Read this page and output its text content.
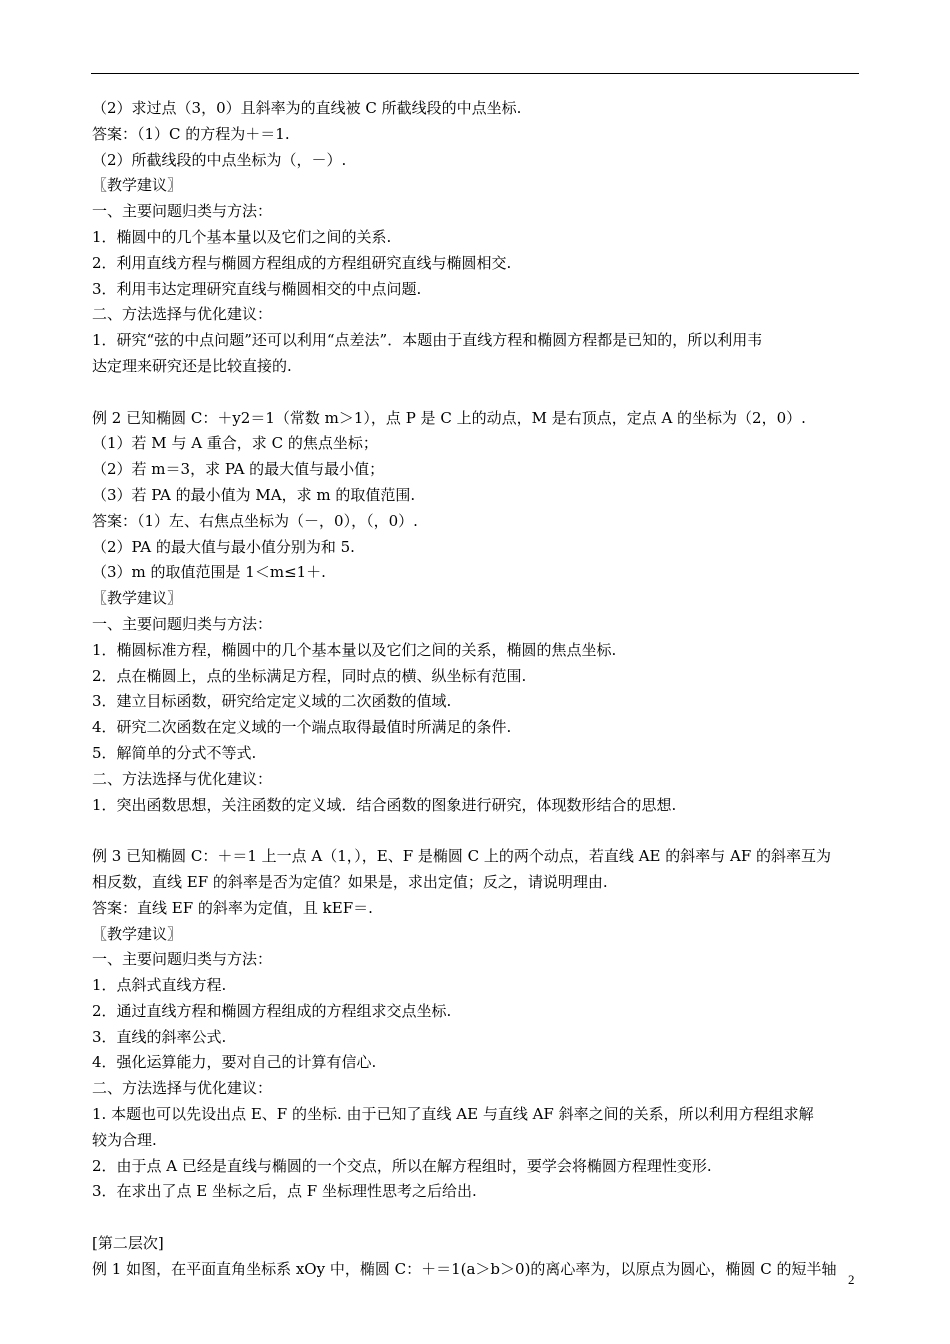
（2）求过点（3，0）且斜率为的直线被 C 所截线段的中点坐标.
答案：（1）C 的方程为＋＝1.
（2）所截线段的中点坐标为（，－）.
〖教学建议〗
一、主要问题归类与方法：
1．椭圆中的几个基本量以及它们之间的关系.
2．利用直线方程与椭圆方程组成的方程组研究直线与椭圆相交.
3．利用韦达定理研究直线与椭圆相交的中点问题.
二、方法选择与优化建议：
1．研究“弦的中点问题”还可以利用“点差法”．本题由于直线方程和椭圆方程都是已知的，所以利用韦
达定理来研究还是比较直接的.
例 2 已知椭圆 C：＋y2＝1（常数 m＞1），点 P 是 C 上的动点，M 是右顶点，定点 A 的坐标为（2，0）.
（1）若 M 与 A 重合，求 C 的焦点坐标；
（2）若 m＝3，求 PA 的最大值与最小值；
（3）若 PA 的最小值为 MA，求 m 的取值范围.
答案：（1）左、右焦点坐标为（－，0），（，0）.
（2）PA 的最大值与最小值分别为和 5.
（3）m 的取值范围是 1＜m≤1＋.
〖教学建议〗
一、主要问题归类与方法：
1．椭圆标准方程，椭圆中的几个基本量以及它们之间的关系，椭圆的焦点坐标.
2．点在椭圆上，点的坐标满足方程，同时点的横、纵坐标有范围.
3．建立目标函数，研究给定定义域的二次函数的值域.
4．研究二次函数在定义域的一个端点取得最值时所满足的条件.
5．解简单的分式不等式.
二、方法选择与优化建议：
1．突出函数思想，关注函数的定义域．结合函数的图象进行研究，体现数形结合的思想.
例 3 已知椭圆 C：＋＝1 上一点 A（1，），E、F 是椭圆 C 上的两个动点，若直线 AE 的斜率与 AF 的斜率互为
相反数，直线 EF 的斜率是否为定值？如果是，求出定值；反之，请说明理由.
答案：直线 EF 的斜率为定值，且 kEF＝.
〖教学建议〗
一、主要问题归类与方法：
1．点斜式直线方程.
2．通过直线方程和椭圆方程组成的方程组求交点坐标.
3．直线的斜率公式.
4．强化运算能力，要对自己的计算有信心.
二、方法选择与优化建议：
1. 本题也可以先设出点 E、F 的坐标. 由于已知了直线 AE 与直线 AF 斜率之间的关系，所以利用方程组求解
较为合理.
2．由于点 A 已经是直线与椭圆的一个交点，所以在解方程组时，要学会将椭圆方程理性变形.
3．在求出了点 E 坐标之后，点 F 坐标理性思考之后给出.
[第二层次]
例 1 如图，在平面直角坐标系 xOy 中，椭圆 C：＋＝1(a＞b＞0)的离心率为，以原点为圆心，椭圆 C 的短半轴
2
